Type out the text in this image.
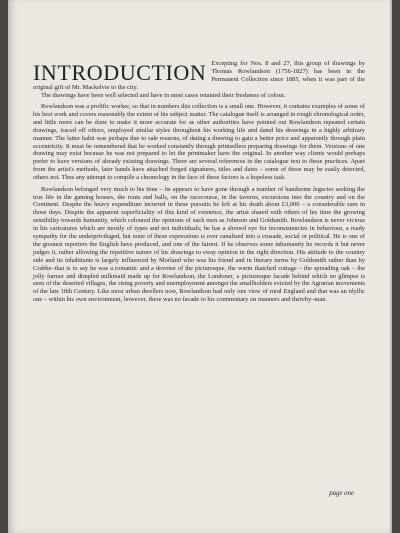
INTRODUCTION Excepting for Nos. 8 and 27, this group of drawings by Thomas Rowlandson (1756-1827) has been in the Permanent Collection since 1885, when it was part of the original gift of Mr. Mackelvie to the city.

The drawings have been well selected and have in most cases retained their freshness of colour.

Rowlandson was a prolific worker, so that in numbers this collection is a small one. However, it contains examples of some of his best work and covers reasonably the extent of his subject matter. The catalogue itself is arranged in rough chronological order, and little more can be done to make it more accurate for as other authorities have pointed out Rowlandson repeated certain drawings, traced off others, employed similar styles throughout his working life and dated his drawings in a highly arbitrary manner. The latter habit was perhaps due to sale reasons, of dating a drawing to gain a better price and apparently through plain eccentricity. It must be remembered that he worked constantly through printsellers preparing drawings for them. Versions of one drawing may exist because he was not prepared to let the printmaker have the original. In another way clients would perhaps prefer to have versions of already existing drawings. There are several references in the catalogue text to these practices. Apart from the artist's methods, later hands have attached forged signatures, titles and dates – some of these may be easily detected, others not. Thus any attempt to compile a chronology in the face of these factors is a hopeless task.

Rowlandson belonged very much to his time – he appears to have gone through a number of handsome legacies seeking the true life in the gaming houses, the routs and balls, on the racecourse, in the taverns, excursions into the country and on the Continent. Despite the heavy expenditure incurred in these pursuits he left at his death about £3,000 – a considerable sum in those days. Despite the apparent superficiality of this kind of existence, the artist shared with others of his time the growing sensibility towards humanity, which coloured the opinions of such men as Johnson and Goldsmith. Rowlandson is never vicious in his caricatures which are mostly of types and not individuals; he has a shrewd eye for inconsistencies in behaviour, a ready sympathy for the underprivileged, but none of these expressions is ever canalised into a crusade, social or political. He is one of the greatest reporters the English have produced, and one of the fairest. If he observes some inhumanity he records it but never judges it, rather allowing the repetitive nature of his drawings to sway opinion in the right direction. His attitude to the country side and its inhabitants is largely influenced by Morland who was his friend and in literary terms by Goldsmith rather than by Crabbe–that is to say he was a romantic and a devotee of the picturesque, the warm thatched cottage – the spreading oak – the jolly farmer and dimpled milkmaid made up for Rowlandson, the Londoner, a picturesque facade behind which no glimpse is seen of the deserted villages, the rising poverty and unemployment amongst the smallholders evicted by the Agrarian movements of the late 18th Century. Like most urban dwellers now, Rowlandson had only one view of rural England and that was an idyllic one – within his own environment, however, there was no facade to his commentary on manners and thereby–man.

page one
